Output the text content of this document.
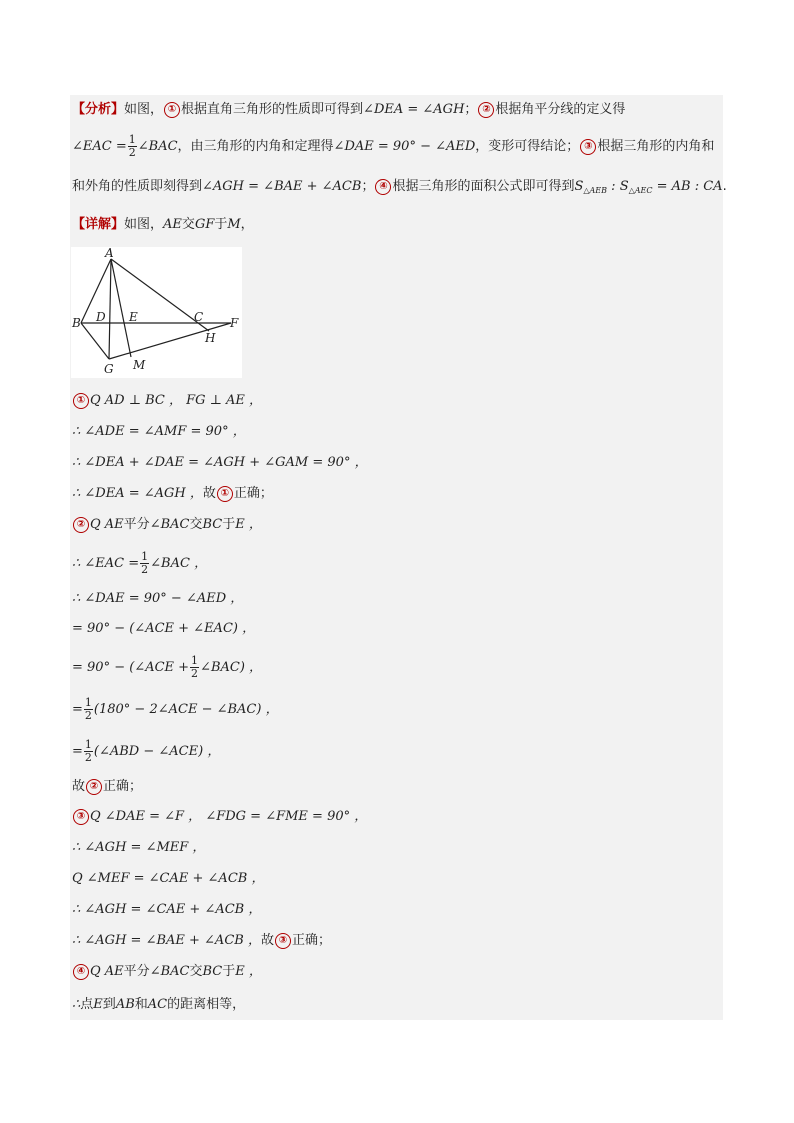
【分析】如图， ① 根据直角三角形的性质即可得到∠DEA = ∠AGH； ② 根据角平分线的定义得
∠EAC = $\frac{1}{2}$ ∠BAC，由三角形的内角和定理得∠DAE = 90° − ∠AED，变形可得结论； ③ 根据三角形的内角和
和外角的性质即刻得到∠AGH = ∠BAE + ∠ACB； ④ 根据三角形的面积公式即可得到$S_{\triangle AEB}$ : $S_{\triangle AEC}$ = AB : CA.
【详解】如图，AE交GF于M，
A
B D E	C F
H
G M
① Q AD ⊥ BC ， FG ⊥ AE ，
∴ ∠ADE = ∠AMF = 90° ，
∴ ∠DEA + ∠DAE = ∠AGH + ∠GAM = 90° ，
∴ ∠DEA = ∠AGH ，故 ① 正确；
② Q AE平分∠BAC交BC于E ，
∴ ∠EAC = $\frac{1}{2}$ ∠BAC ，
∴ ∠DAE = 90° − ∠AED ，
= 90° − (∠ACE + ∠EAC) ，
= 90° − (∠ACE + $\frac{1}{2}$ ∠BAC) ，
= $\frac{1}{2} (180^\circ$ − 2∠ACE − ∠BAC) ，
= $\frac{1}{2}$ (∠ABD − ∠ACE) ，
故 ② 正确；
③ Q ∠DAE = ∠F ， ∠FDG = ∠FME = 90° ，
∴ ∠AGH = ∠MEF ，
Q ∠MEF = ∠CAE + ∠ACB ，
∴ ∠AGH = ∠CAE + ∠ACB ，
∴ ∠AGH = ∠BAE + ∠ACB ，故 ③ 正确；
④ Q AE平分∠BAC交BC于E ，
∴点E到AB和AC的距离相等，
